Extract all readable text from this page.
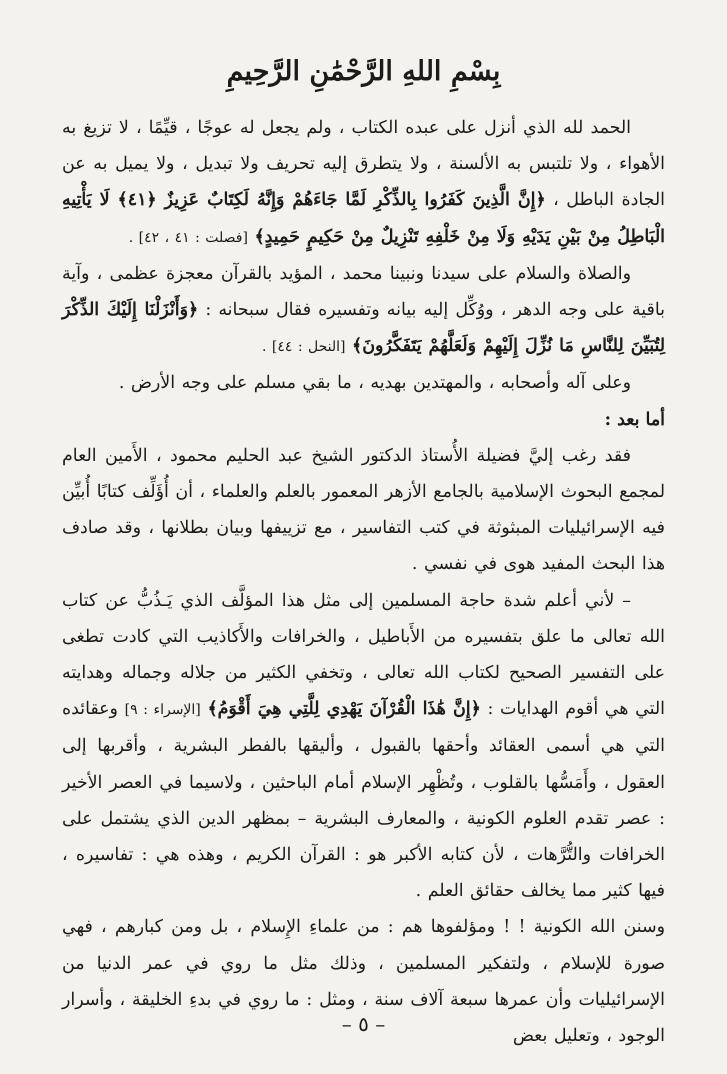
بِسْمِ اللهِ الرَّحْمَٰنِ الرَّحِيمِ

الحمد لله الذي أنزل على عبده الكتاب ، ولم يجعل له عوجًا ، قيِّمًا ، لا تزيغ به الأهواء ، ولا تلتبس به الألسنة ، ولا يتطرق إليه تحريف ولا تبديل ، ولا يميل به عن الجادة الباطل ، ﴿إِنَّ الَّذِينَ كَفَرُوا بِالذِّكْرِ لَمَّا جَاءَهُمْ وَإِنَّهُ لَكِتَابٌ عَزِيزٌ ﴿٤١﴾ لَا يَأْتِيهِ الْبَاطِلُ مِنْ بَيْنِ يَدَيْهِ وَلَا مِنْ خَلْفِهِ تَنْزِيلٌ مِنْ حَكِيمٍ حَمِيدٍ﴾ [فصلت : ٤١ ، ٤٢] .

والصلاة والسلام على سيدنا ونبينا محمد ، المؤيد بالقرآن معجزة عظمى ، وآية باقية على وجه الدهر ، ووُكِّل إليه بيانه وتفسيره فقال سبحانه : ﴿وَأَنْزَلْنَا إِلَيْكَ الذِّكْرَ لِتُبَيِّنَ لِلنَّاسِ مَا نُزِّلَ إِلَيْهِمْ وَلَعَلَّهُمْ يَتَفَكَّرُونَ﴾ [النحل : ٤٤] .

وعلى آله وأصحابه ، والمهتدين بهديه ، ما بقي مسلم على وجه الأرض .

أما بعد :

فقد رغب إليَّ فضيلة الأُستاذ الدكتور الشيخ عبد الحليم محمود ، الأَمين العام لمجمع البحوث الإسلامية بالجامع الأزهر المعمور بالعلم والعلماء ، أن أُؤَلِّف كتابًا أُبيِّن فيه الإسرائيليات المبثوثة في كتب التفاسير ، مع تزييفها وبيان بطلانها ، وقد صادف هذا البحث المفيد هوى في نفسي .

– لأني أعلم شدة حاجة المسلمين إلى مثل هذا المؤلَّف الذي يَـذُبُّ عن كتاب الله تعالى ما علق بتفسيره من الأَباطيل ، والخرافات والأَكاذيب التي كادت تطغى على التفسير الصحيح لكتاب الله تعالى ، وتخفي الكثير من جلاله وجماله وهدايته التي هي أقوم الهدايات : ﴿إِنَّ هَٰذَا الْقُرْآنَ يَهْدِي لِلَّتِي هِيَ أَقْوَمُ﴾ [الإسراء : ٩] وعقائده التي هي أسمى العقائد وأحقها بالقبول ، وأليقها بالفطر البشرية ، وأقربها إلى العقول ، وأَمَسُّها بالقلوب ، وتُظْهِر الإسلام أمام الباحثين ، ولاسيما في العصر الأخير : عصر تقدم العلوم الكونية ، والمعارف البشرية – بمظهر الدين الذي يشتمل على الخرافات والتُّرَّهات ، لأن كتابه الأكبر هو : القرآن الكريم ، وهذه هي : تفاسيره ، فيها كثير مما يخالف حقائق العلم .

وسنن الله الكونية ! ! ومؤلفوها هم : من علماءِ الإِسلام ، بل ومن كبارهم ، فهي صورة للإسلام ، ولتفكير المسلمين ، وذلك مثل ما روي في عمر الدنيا من الإسرائيليات وأن عمرها سبعة آلاف سنة ، ومثل : ما روي في بدءِ الخليقة ، وأسرار الوجود ، وتعليل بعض

– ٥ –
